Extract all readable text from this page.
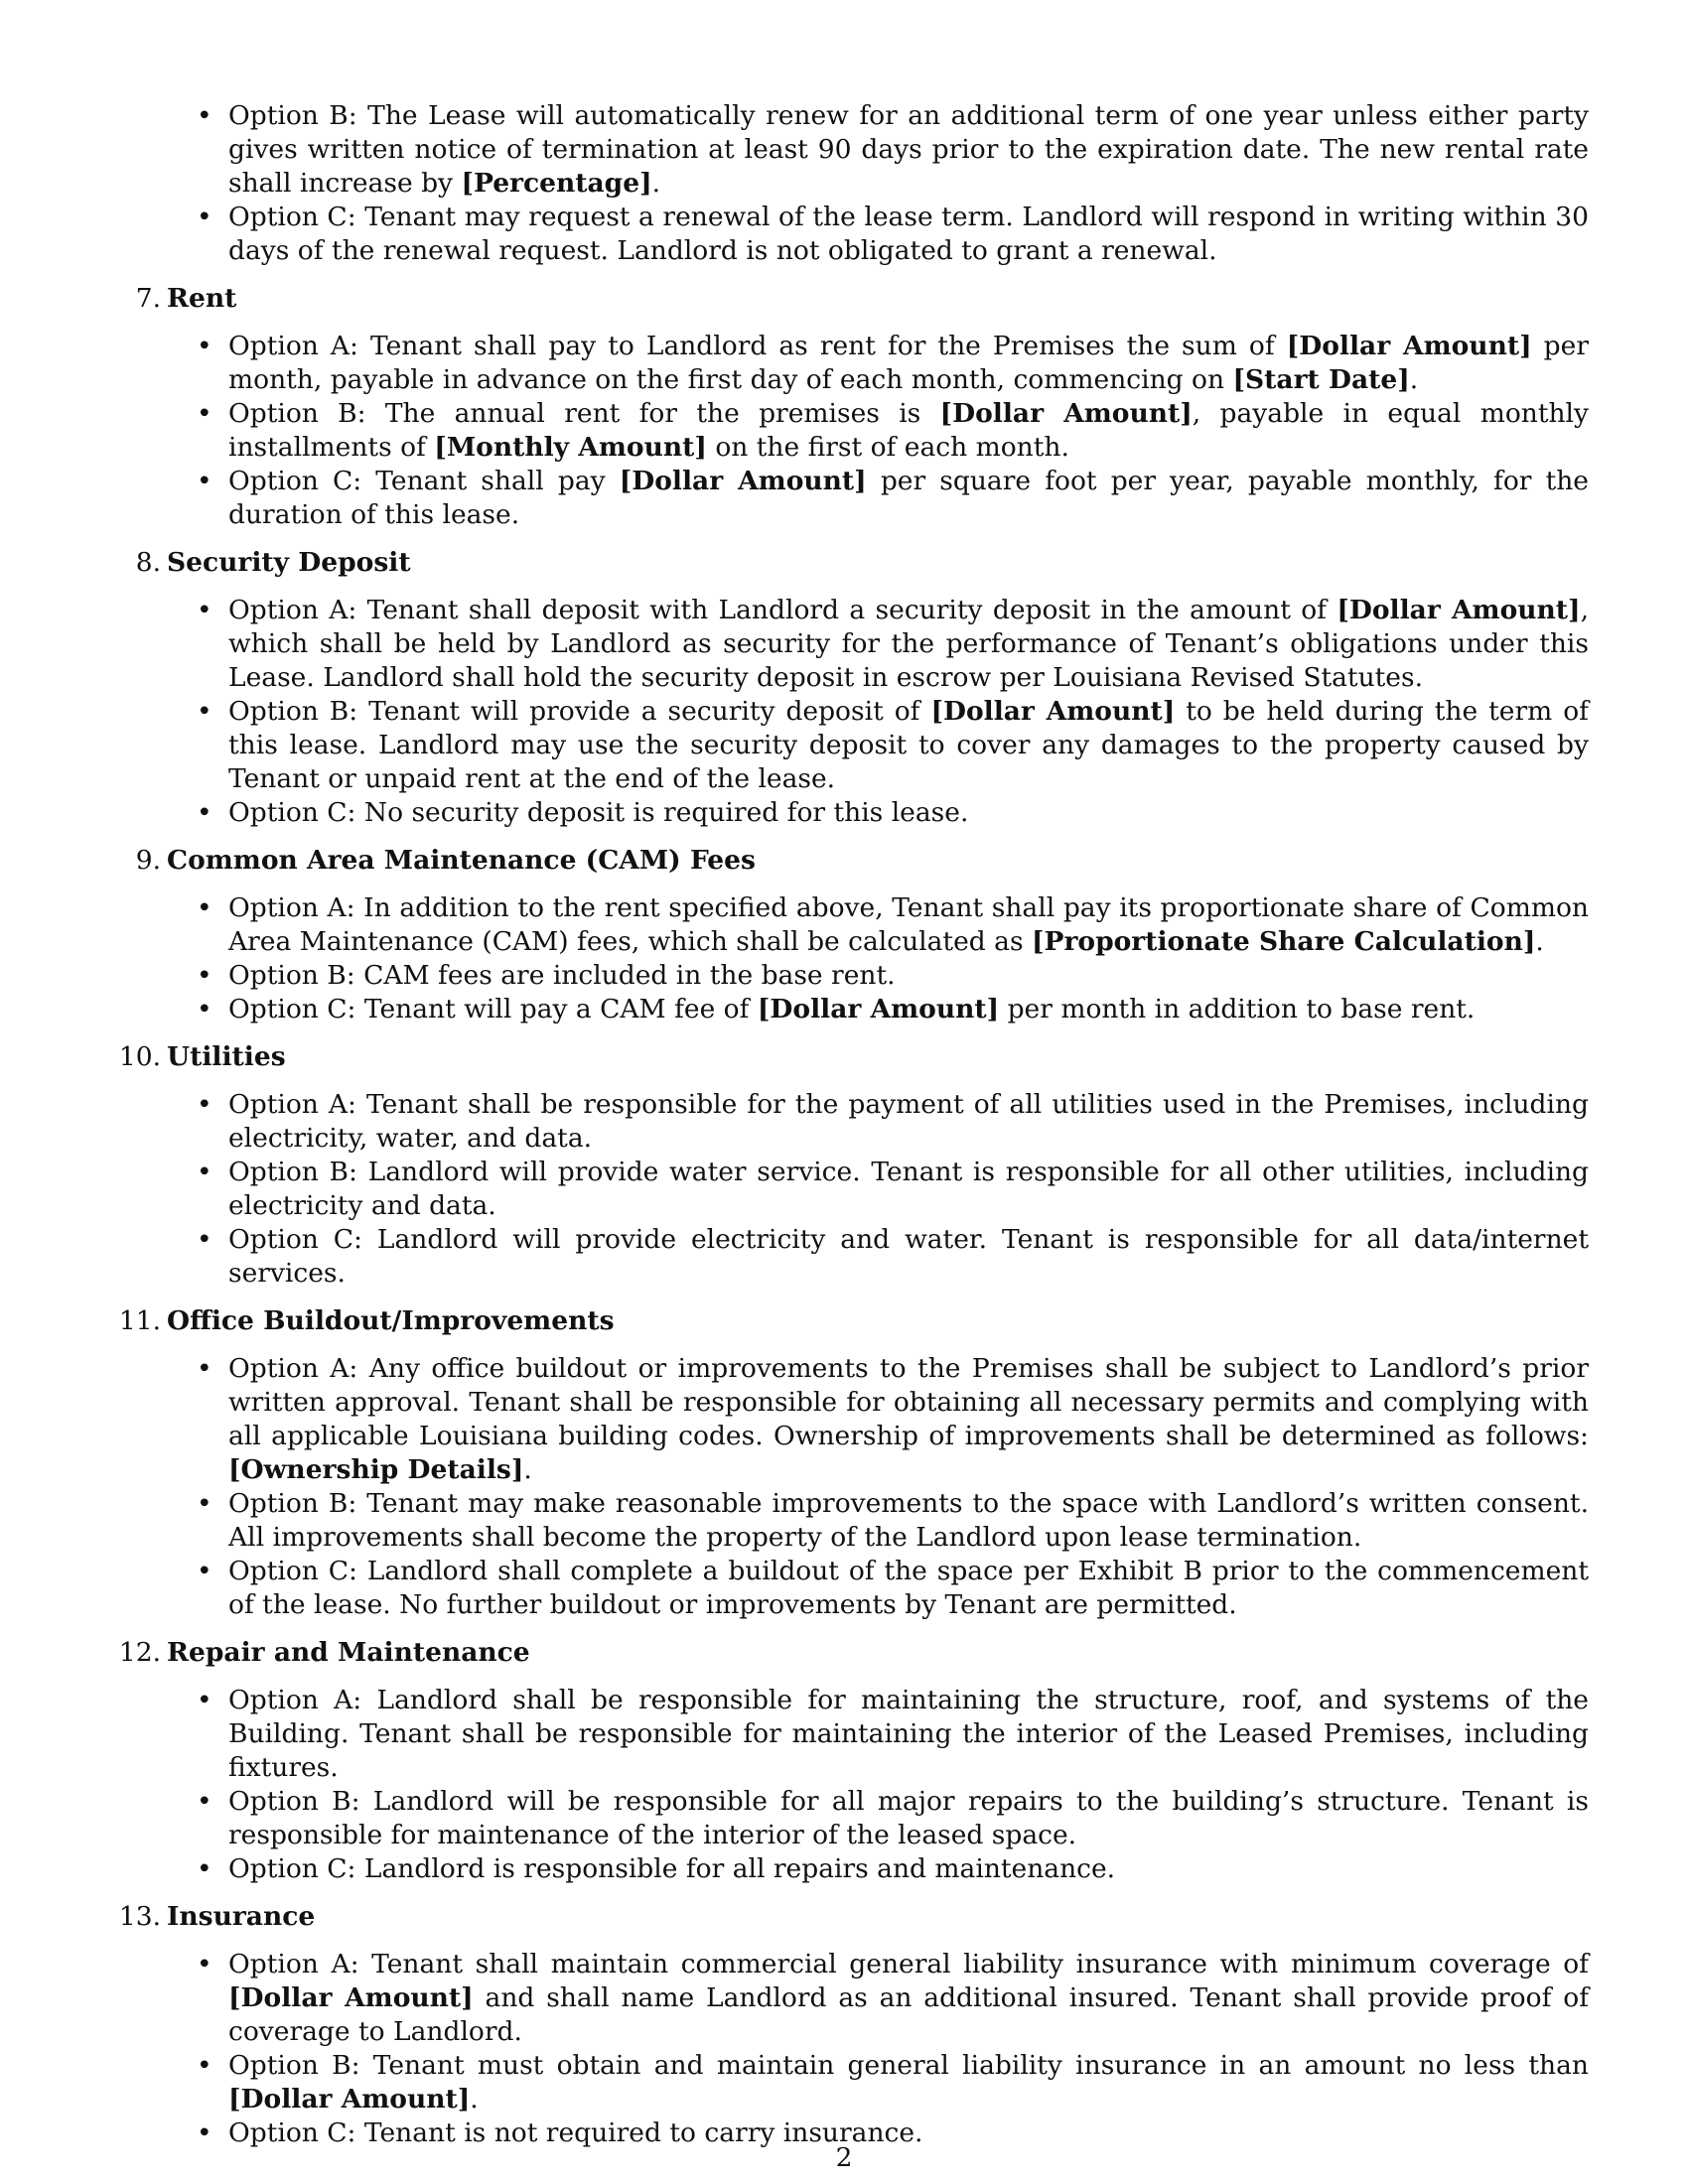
• Option B: The Lease will automatically renew for an additional term of one year unless either party gives written notice of termination at least 90 days prior to the expiration date. The new rental rate shall increase by [Percentage].
• Option C: Tenant may request a renewal of the lease term. Landlord will respond in writing within 30 days of the renewal request. Landlord is not obligated to grant a renewal.
7. Rent
• Option A: Tenant shall pay to Landlord as rent for the Premises the sum of [Dollar Amount] per month, payable in advance on the first day of each month, commencing on [Start Date].
• Option B: The annual rent for the premises is [Dollar Amount], payable in equal monthly installments of [Monthly Amount] on the first of each month.
• Option C: Tenant shall pay [Dollar Amount] per square foot per year, payable monthly, for the duration of this lease.
8. Security Deposit
• Option A: Tenant shall deposit with Landlord a security deposit in the amount of [Dollar Amount], which shall be held by Landlord as security for the performance of Tenant’s obligations under this Lease. Landlord shall hold the security deposit in escrow per Louisiana Revised Statutes.
• Option B: Tenant will provide a security deposit of [Dollar Amount] to be held during the term of this lease. Landlord may use the security deposit to cover any damages to the property caused by Tenant or unpaid rent at the end of the lease.
• Option C: No security deposit is required for this lease.
9. Common Area Maintenance (CAM) Fees
• Option A: In addition to the rent specified above, Tenant shall pay its proportionate share of Common Area Maintenance (CAM) fees, which shall be calculated as [Proportionate Share Calculation].
• Option B: CAM fees are included in the base rent.
• Option C: Tenant will pay a CAM fee of [Dollar Amount] per month in addition to base rent.
10. Utilities
• Option A: Tenant shall be responsible for the payment of all utilities used in the Premises, including electricity, water, and data.
• Option B: Landlord will provide water service. Tenant is responsible for all other utilities, including electricity and data.
• Option C: Landlord will provide electricity and water. Tenant is responsible for all data/internet services.
11. Office Buildout/Improvements
• Option A: Any office buildout or improvements to the Premises shall be subject to Landlord’s prior written approval. Tenant shall be responsible for obtaining all necessary permits and complying with all applicable Louisiana building codes. Ownership of improvements shall be determined as follows: [Ownership Details].
• Option B: Tenant may make reasonable improvements to the space with Landlord’s written consent. All improvements shall become the property of the Landlord upon lease termination.
• Option C: Landlord shall complete a buildout of the space per Exhibit B prior to the commencement of the lease. No further buildout or improvements by Tenant are permitted.
12. Repair and Maintenance
• Option A: Landlord shall be responsible for maintaining the structure, roof, and systems of the Building. Tenant shall be responsible for maintaining the interior of the Leased Premises, including fixtures.
• Option B: Landlord will be responsible for all major repairs to the building’s structure. Tenant is responsible for maintenance of the interior of the leased space.
• Option C: Landlord is responsible for all repairs and maintenance.
13. Insurance
• Option A: Tenant shall maintain commercial general liability insurance with minimum coverage of [Dollar Amount] and shall name Landlord as an additional insured. Tenant shall provide proof of coverage to Landlord.
• Option B: Tenant must obtain and maintain general liability insurance in an amount no less than [Dollar Amount].
• Option C: Tenant is not required to carry insurance.
2
